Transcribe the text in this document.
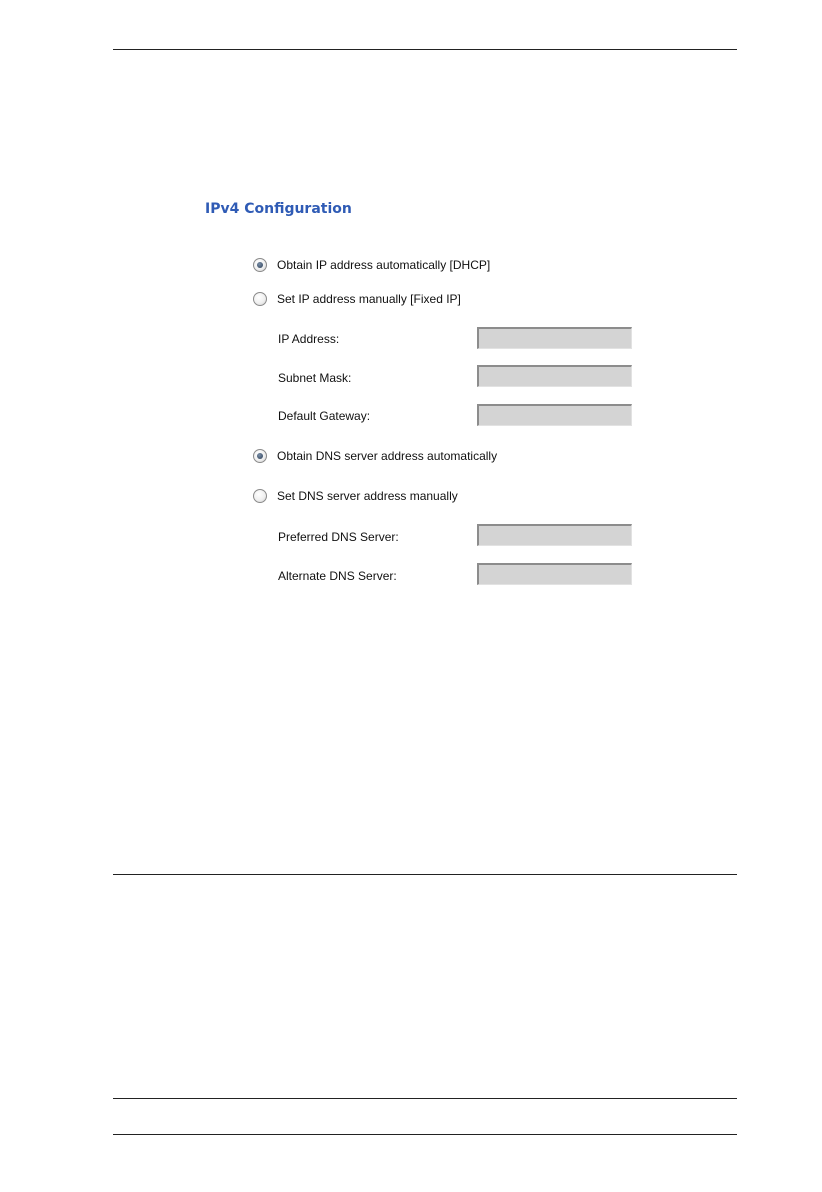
IPv4 Configuration
Obtain IP address automatically [DHCP]
Set IP address manually [Fixed IP]
IP Address:
Subnet Mask:
Default Gateway:
Obtain DNS server address automatically
Set DNS server address manually
Preferred DNS Server:
Alternate DNS Server:
